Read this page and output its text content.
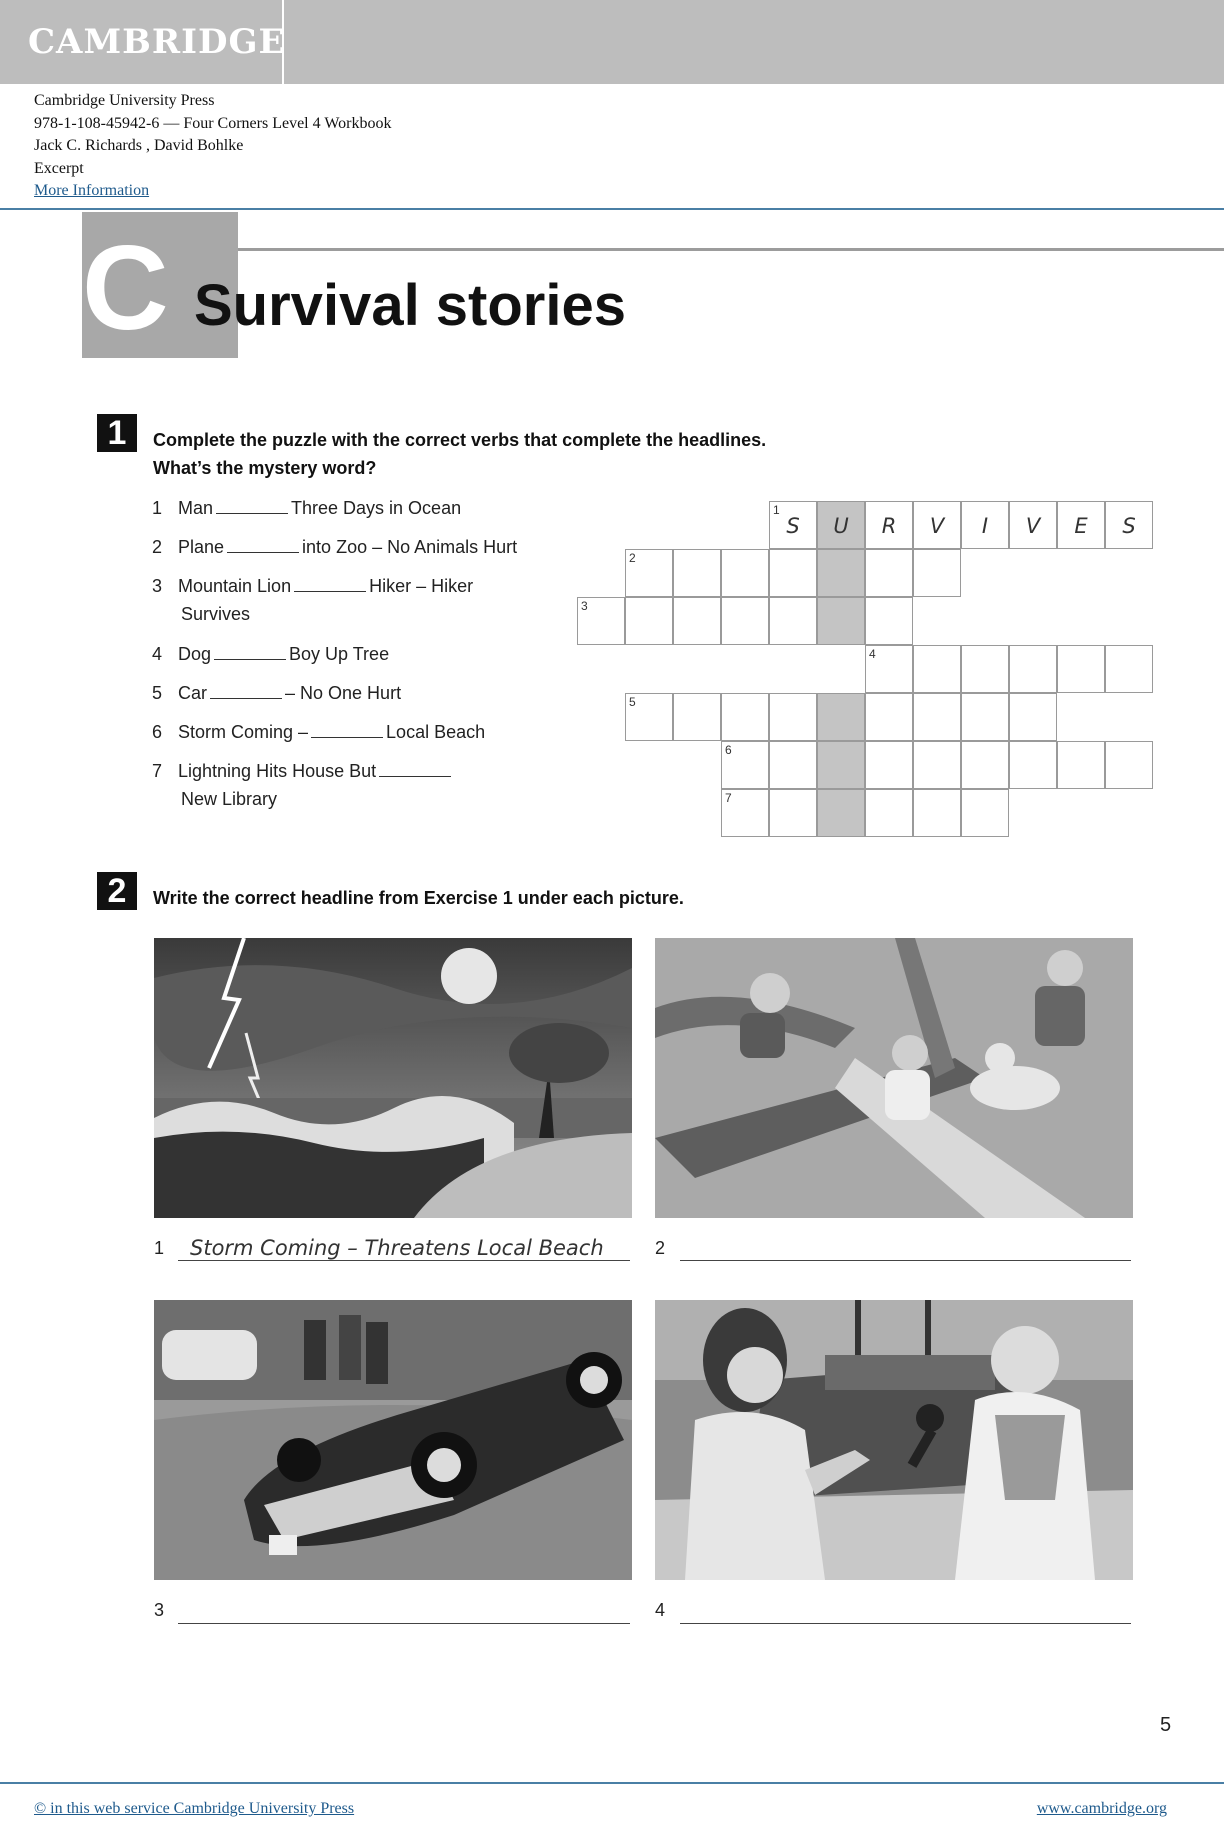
CAMBRIDGE
Cambridge University Press
978-1-108-45942-6 — Four Corners Level 4 Workbook
Jack C. Richards , David Bohlke
Excerpt
More Information
C Survival stories
1	Complete the puzzle with the correct verbs that complete the headlines.
What’s the mystery word?
1 Man	Three Days in Ocean
2 Plane	into Zoo – No Animals Hurt
3 Mountain Lion	Hiker – Hiker
Survives
4 Dog	Boy Up Tree
5 Car	– No One Hurt
6 Storm Coming –	Local Beach
7 Lightning Hits House But
New Library
1
S	U	R	V	I	V	E	S
2
3
4
5
6
7
2	Write the correct headline from Exercise 1 under each picture.
1 Storm Coming – Threatens Local Beach	2
3	4
5
© in this web service Cambridge University Press	www.cambridge.org
